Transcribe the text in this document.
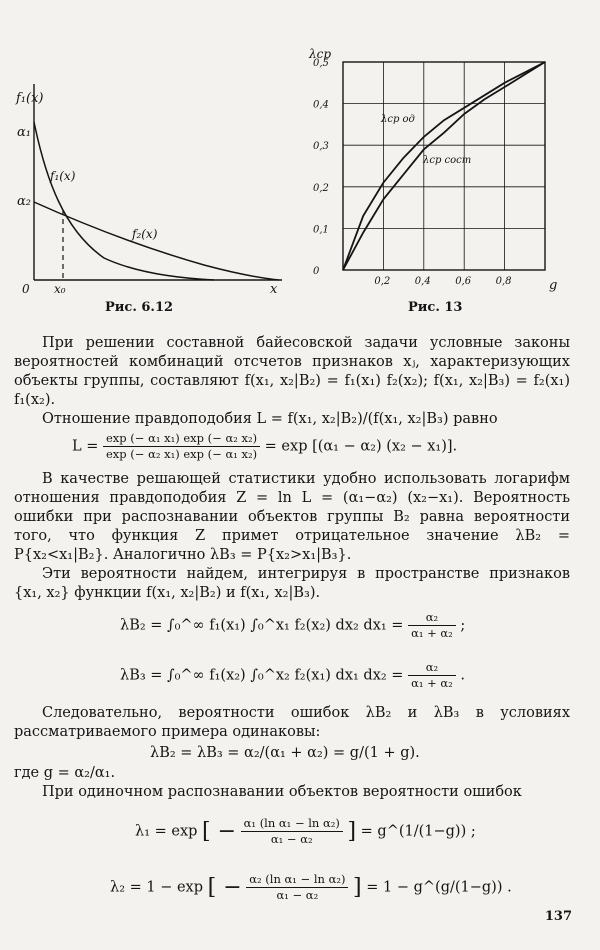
f₁(x)
α₁
α₂
f₁(x)
f₂(x)
0 x₀	x
Рис. 6.12
0,5
0,4
0,3
0,2
0,1
0
0,8
0,6
0,4
0,2
λср
g
λср од
λср сост
Рис. 13
При решении составной байесовской задачи условные законы вероятностей комбинаций отсчетов признаков xⱼ, характеризующих объекты группы, составляют f(x₁, x₂|B₂) = f₁(x₁) f₂(x₂); f(x₁, x₂|B₃) = f₂(x₁) f₁(x₂).
Отношение правдоподобия L = f(x₁, x₂|B₂)/(f(x₁, x₂|B₃) равно
$L = \frac{\text{exp (− α₁ x₁) exp (− α₂ x₂)}}{\text{exp (− α₂ x₁) exp (− α₁ x₂)}} = \exp [(\alpha_1 - \alpha_2) (x_2 - x_1)]$.
В качестве решающей статистики удобно использовать логарифм отношения правдоподобия Z = ln L = (α₁−α₂) (x₂−x₁). Вероятность ошибки при распознавании объектов группы B₂ равна вероятности того, что функция Z примет отрицательное значение λB₂ = P{x₂<x₁|B₂}. Аналогично λB₃ = P{x₂>x₁|B₃}.
Эти вероятности найдем, интегрируя в пространстве признаков {x₁, x₂} функции f(x₁, x₂|B₂) и f(x₁, x₂|B₃).
λB₂ = ∫₀^∞ f₁(x₁) ∫₀^x₁ f₂(x₂) dx₂ $dx_1 = \frac{\text{α₂}}{\text{α₁ + α₂}}$ ;
λB₃ = ∫₀^∞ f₁(x₂) ∫₀^x₂ f₂(x₁) dx₁ $dx_2 = \frac{\text{α₂}}{\text{α₁ + α₂}}$ .
Следовательно, вероятности ошибок λB₂ и λB₃ в условиях рассматриваемого примера одинаковы:
λB₂ = λB₃ = α₂/(α₁ + α₂) = g/(1 + g).
где g = α₂/α₁.
При одиночном распознавании объектов вероятности ошибок
λ₁ = exp [ − $\frac{\text{α₁ (ln α₁ − ln α₂)}}{\text{α₁ − α₂}}$ ] = g^(1/(1−g)) ;
λ₂ = 1 − exp [ − $\frac{\text{α₂ (ln α₁ − ln α₂)}}{\text{α₁ − α₂}}$ ] = 1 − g^(g/(1−g)) .
137
